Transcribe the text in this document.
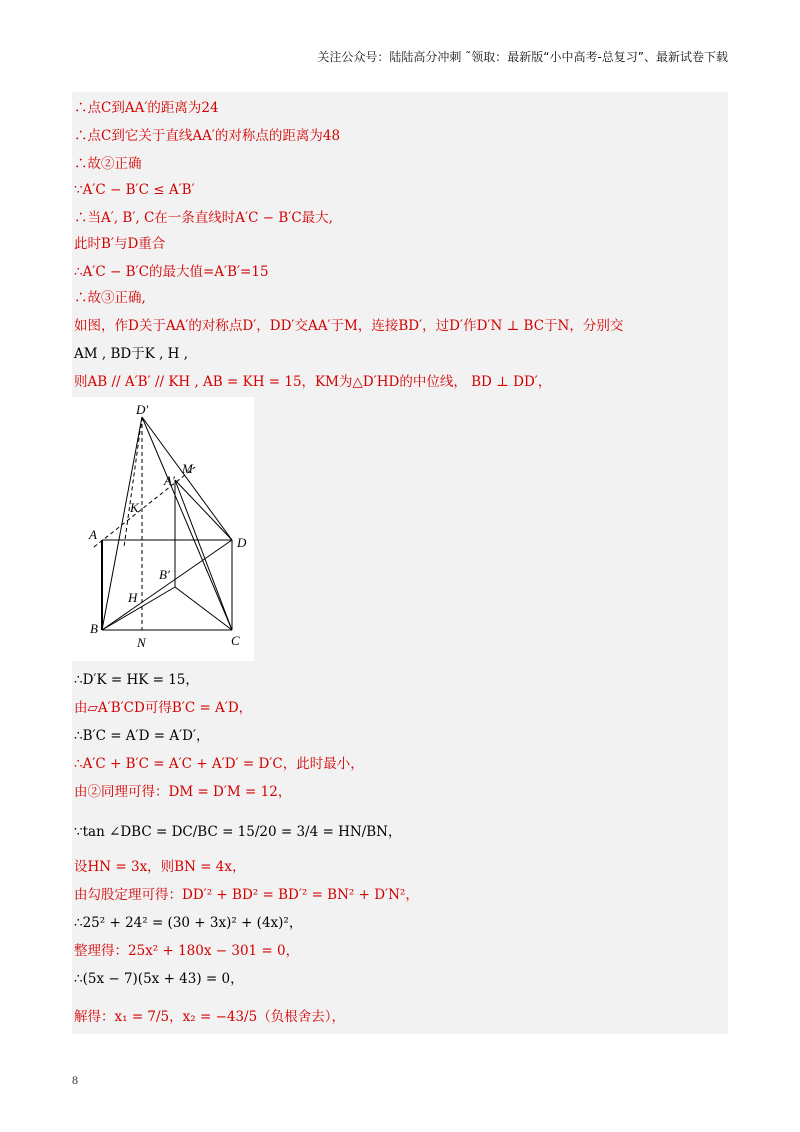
关注公众号：陆陆高分冲刺 ˜领取：最新版“小中高考-总复习”、最新试卷下载
∴点C到AA′的距离为24
∴点C到它关于直线AA′的对称点的距离为48
∴故②正确
∵A′C − B′C ≤ A′B′
∴当A′, B′, C在一条直线时A′C − B′C最大,
此时B′与D重合
∴A′C − B′C的最大值=A′B′=15
∴故③正确,
如图，作D关于AA′的对称点D′，DD′交AA′于M，连接BD′，过D′作D′N ⊥ BC于N，分别交
AM , BD于K , H ,
则AB // A′B′ // KH , AB = KH = 15，KM为△D′HD的中位线， BD ⊥ DD′，
D′
M
A′
K
A
D
B′
H
B
N	C
∴D′K = HK = 15，
由▱A′B′CD可得B′C = A′D，
∴B′C = A′D = A′D′，
∴A′C + B′C = A′C + A′D′ = D′C，此时最小，
由②同理可得：DM = D′M = 12，
∵tan ∠DBC = DC/BC = 15/20 = 3/4 = HN/BN，
设HN = 3x，则BN = 4x，
由勾股定理可得：DD′² + BD² = BD′² = BN² + D′N²，
∴25² + 24² = (30 + 3x)² + (4x)²，
整理得：25x² + 180x − 301 = 0，
∴(5x − 7)(5x + 43) = 0，
解得：x₁ = 7/5，x₂ = −43/5（负根舍去），
8
